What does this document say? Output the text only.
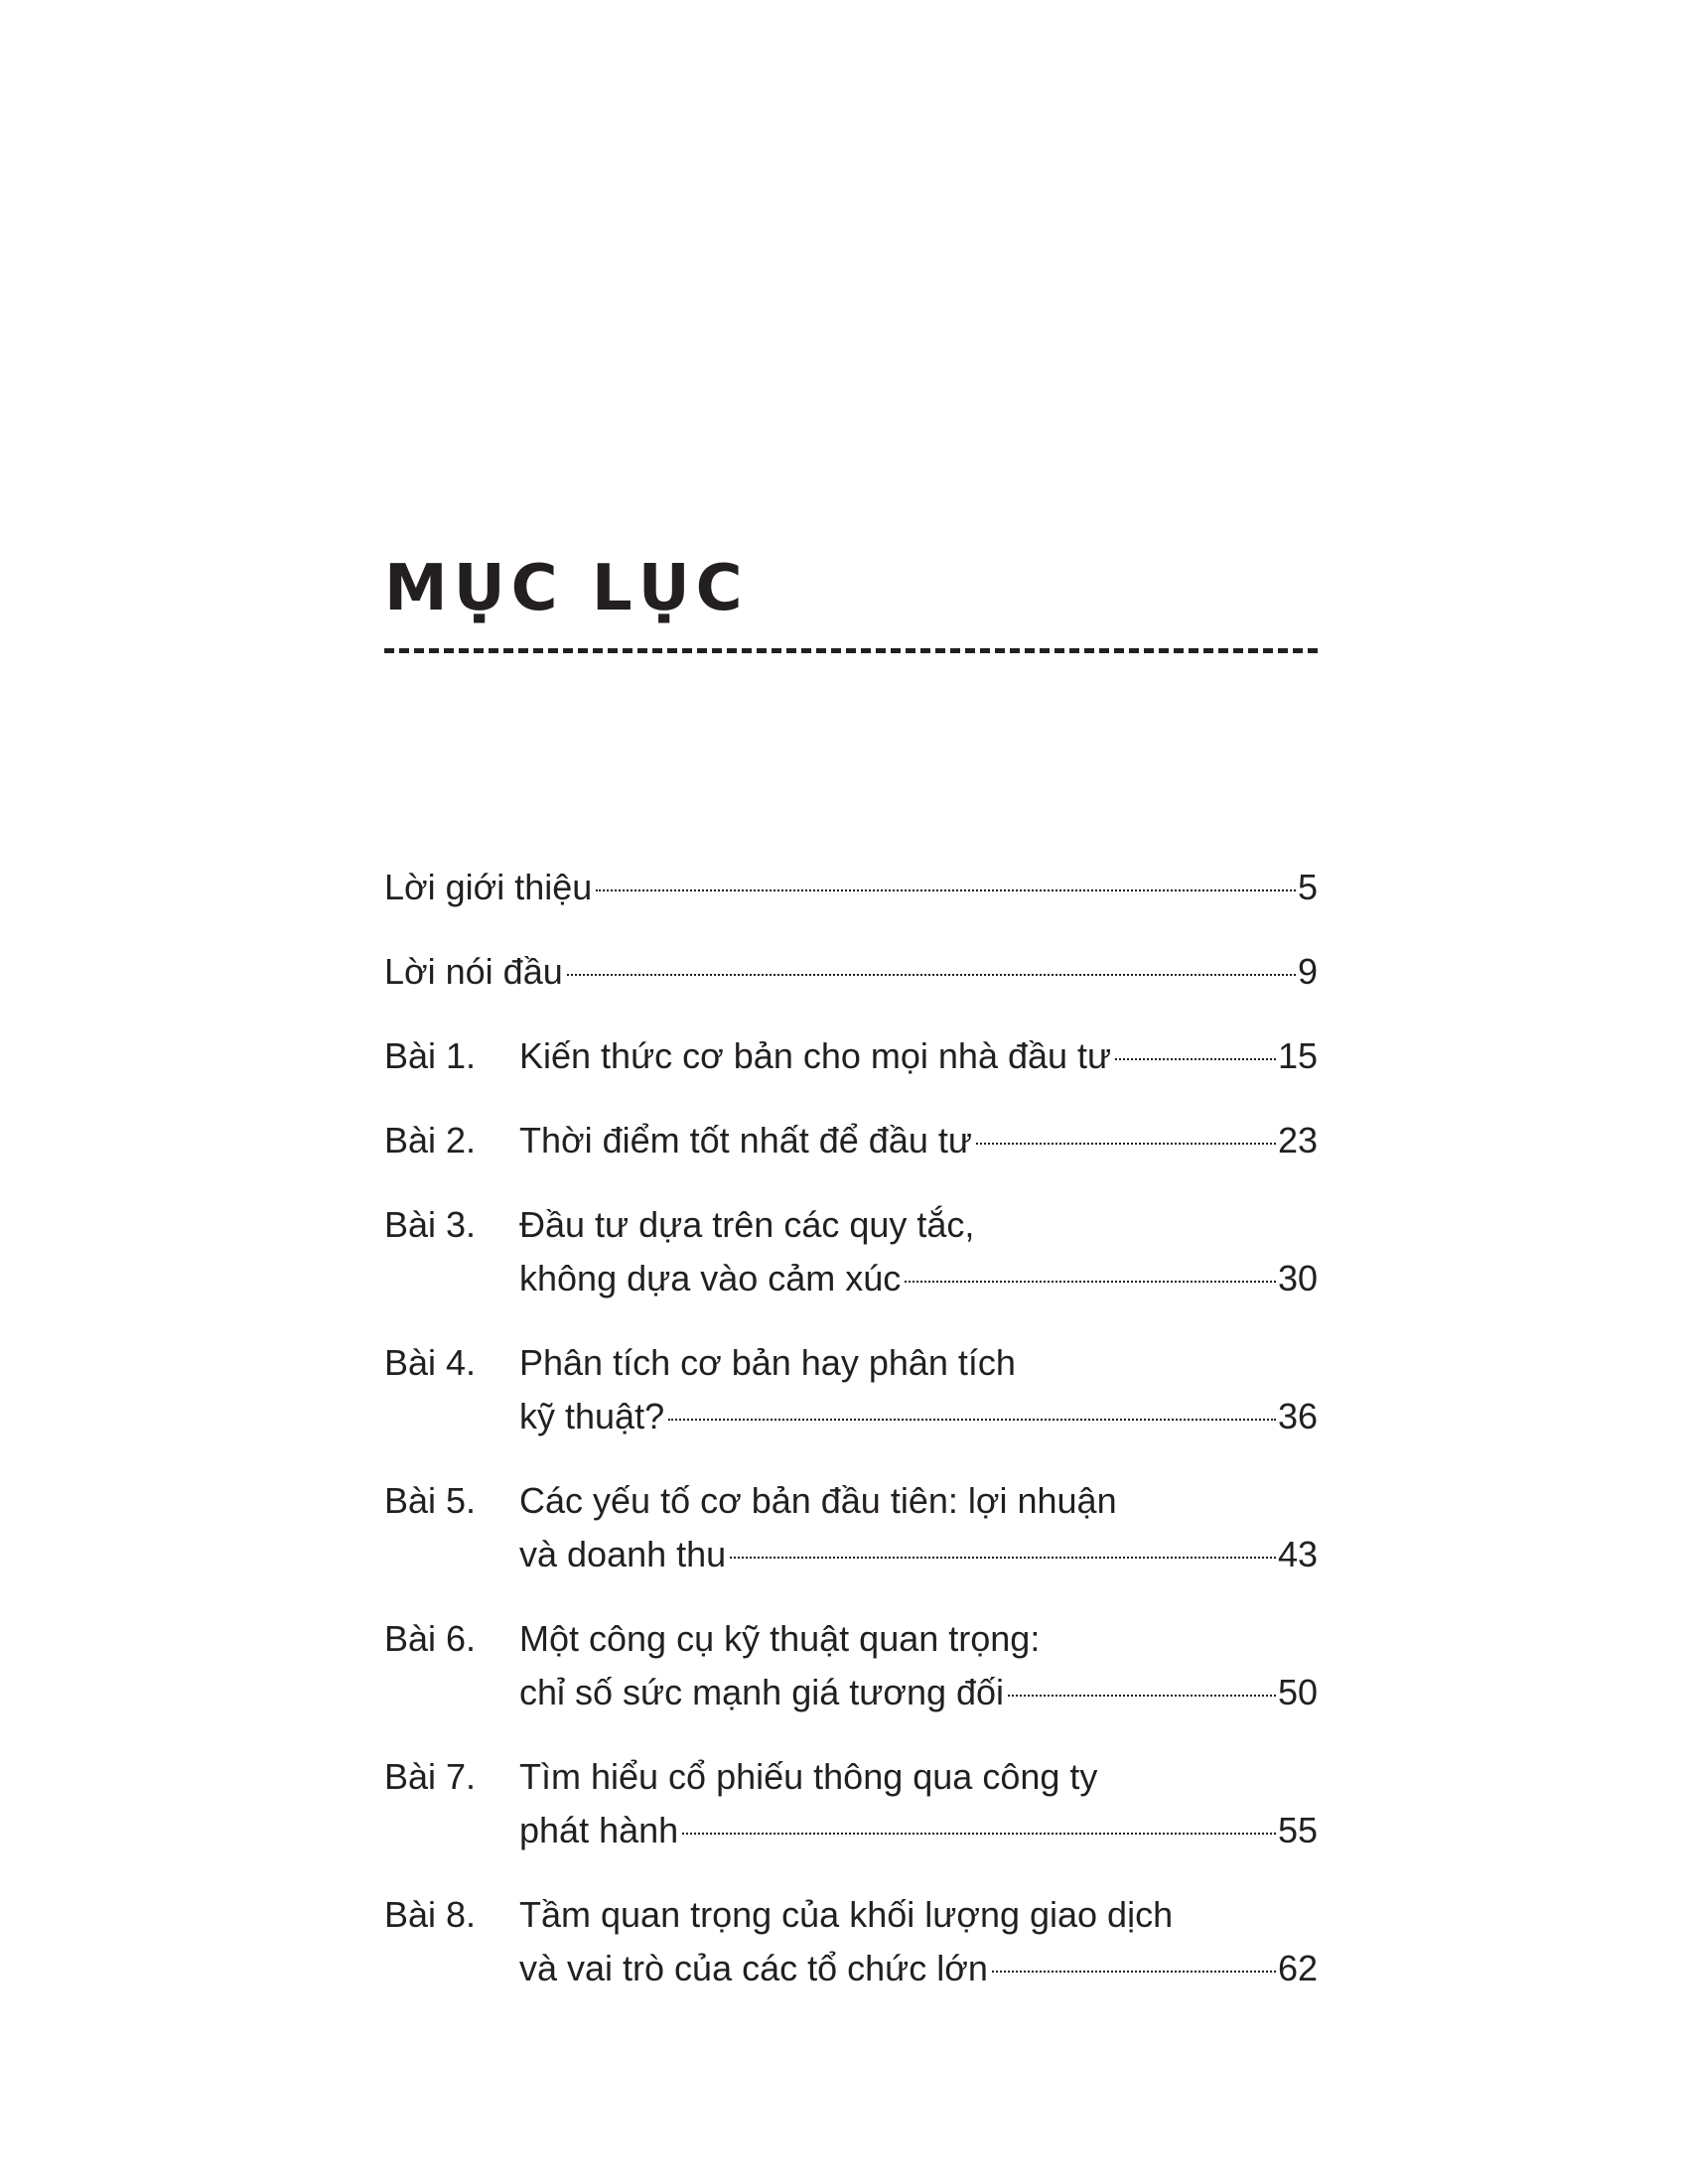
MỤC LỤC
Lời giới thiệu	5
Lời nói đầu	9
Bài 1.	Kiến thức cơ bản cho mọi nhà đầu tư	15
Bài 2.	Thời điểm tốt nhất để đầu tư	23
Bài 3.	Đầu tư dựa trên các quy tắc,
không dựa vào cảm xúc	30
Bài 4.	Phân tích cơ bản hay phân tích
kỹ thuật?	36
Bài 5.	Các yếu tố cơ bản đầu tiên: lợi nhuận
và doanh thu	43
Bài 6.	Một công cụ kỹ thuật quan trọng:
chỉ số sức mạnh giá tương đối	50
Bài 7.	Tìm hiểu cổ phiếu thông qua công ty
phát hành	55
Bài 8.	Tầm quan trọng của khối lượng giao dịch
và vai trò của các tổ chức lớn	62
